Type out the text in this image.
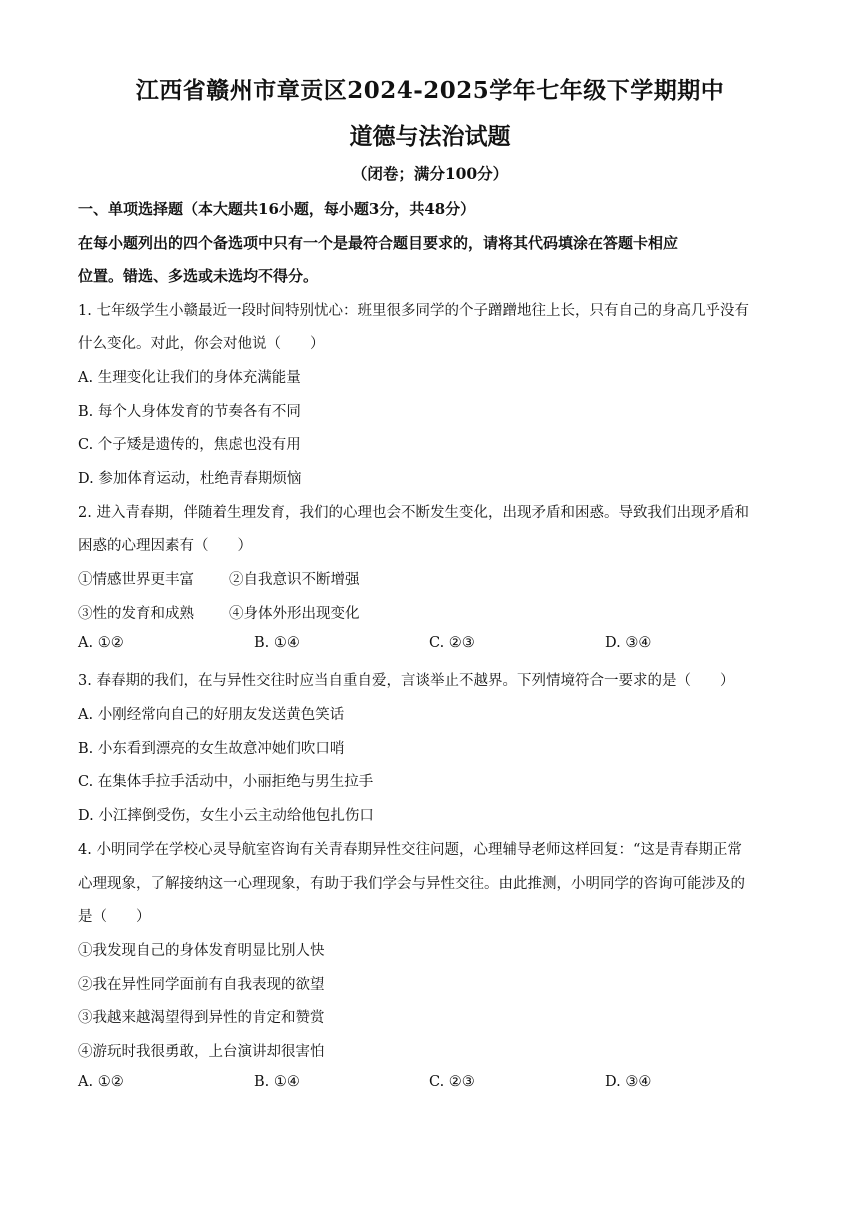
江西省赣州市章贡区2024-2025学年七年级下学期期中
道德与法治试题
（闭卷；满分100分）
一、单项选择题（本大题共16小题，每小题3分，共48分）
在每小题列出的四个备选项中只有一个是最符合题目要求的，请将其代码填涂在答题卡相应
位置。错选、多选或未选均不得分。
1. 七年级学生小赣最近一段时间特别忧心：班里很多同学的个子蹭蹭地往上长，只有自己的身高几乎没有
什么变化。对此，你会对他说（　　）
A. 生理变化让我们的身体充满能量
B. 每个人身体发育的节奏各有不同
C. 个子矮是遗传的，焦虑也没有用
D. 参加体育运动，杜绝青春期烦恼
2. 进入青春期，伴随着生理发育，我们的心理也会不断发生变化，出现矛盾和困惑。导致我们出现矛盾和
困惑的心理因素有（　　）
①情感世界更丰富 ②自我意识不断增强
③性的发育和成熟 ④身体外形出现变化
A. ①②	B. ①④	C. ②③	D. ③④
3. 春春期的我们，在与异性交往时应当自重自爱，言谈举止不越界。下列情境符合一要求的是（　　）
A. 小刚经常向自己的好朋友发送黄色笑话
B. 小东看到漂亮的女生故意冲她们吹口哨
C. 在集体手拉手活动中，小丽拒绝与男生拉手
D. 小江摔倒受伤，女生小云主动给他包扎伤口
4. 小明同学在学校心灵导航室咨询有关青春期异性交往问题，心理辅导老师这样回复：“这是青春期正常
心理现象，了解接纳这一心理现象，有助于我们学会与异性交往。由此推测，小明同学的咨询可能涉及的
是（　　）
①我发现自己的身体发育明显比别人快
②我在异性同学面前有自我表现的欲望
③我越来越渴望得到异性的肯定和赞赏
④游玩时我很勇敢，上台演讲却很害怕
A. ①②	B. ①④	C. ②③	D. ③④
